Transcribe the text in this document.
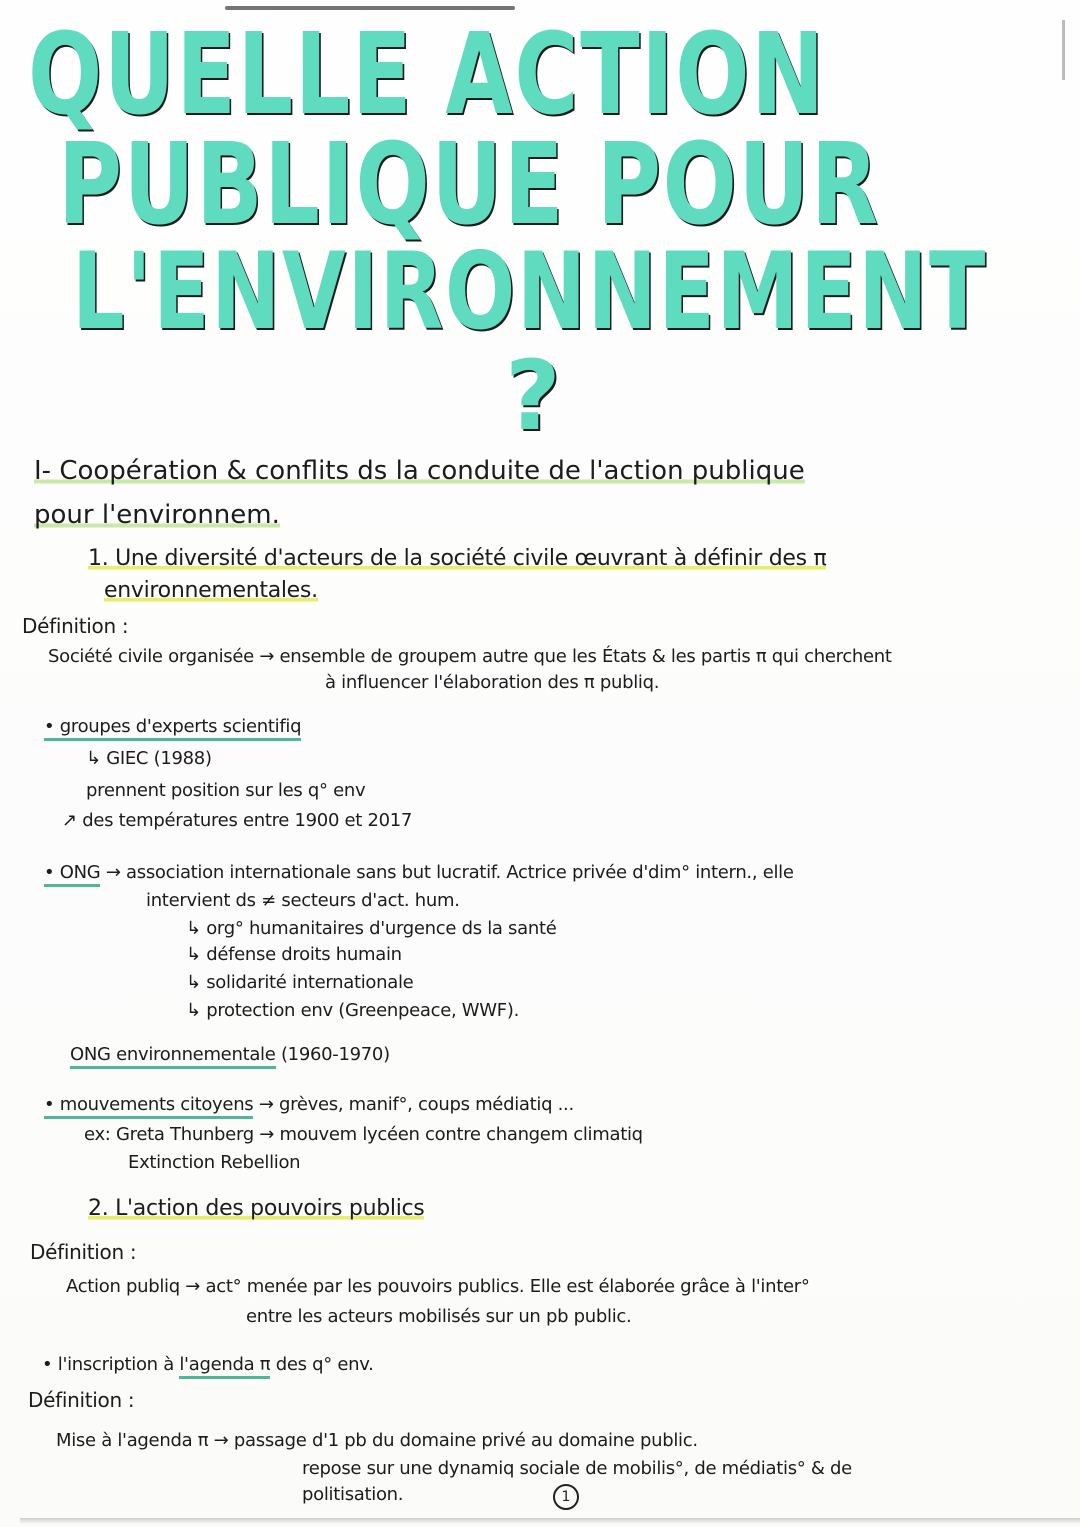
QUELLE ACTION
PUBLIQUE POUR
L'ENVIRONNEMENT
?
I- Coopération & conflits ds la conduite de l'action publique
pour l'environnem.
1. Une diversité d'acteurs de la société civile œuvrant à définir des π
environnementales.
Définition :
Société civile organisée → ensemble de groupem autre que les États & les partis π qui cherchent
à influencer l'élaboration des π publiq.
• groupes d'experts scientifiq
↳ GIEC (1988)
prennent position sur les q° env
↗ des températures entre 1900 et 2017
• ONG → association internationale sans but lucratif. Actrice privée d'dim° intern., elle
intervient ds ≠ secteurs d'act. hum.
↳ org° humanitaires d'urgence ds la santé
↳ défense droits humain
↳ solidarité internationale
↳ protection env (Greenpeace, WWF).
ONG environnementale (1960-1970)
• mouvements citoyens → grèves, manif°, coups médiatiq ...
ex: Greta Thunberg → mouvem lycéen contre changem climatiq
Extinction Rebellion
2. L'action des pouvoirs publics
Définition :
Action publiq → act° menée par les pouvoirs publics. Elle est élaborée grâce à l'inter°
entre les acteurs mobilisés sur un pb public.
• l'inscription à l'agenda π des q° env.
Définition :
Mise à l'agenda π → passage d'1 pb du domaine privé au domaine public.
repose sur une dynamiq sociale de mobilis°, de médiatis° & de
politisation.	1
